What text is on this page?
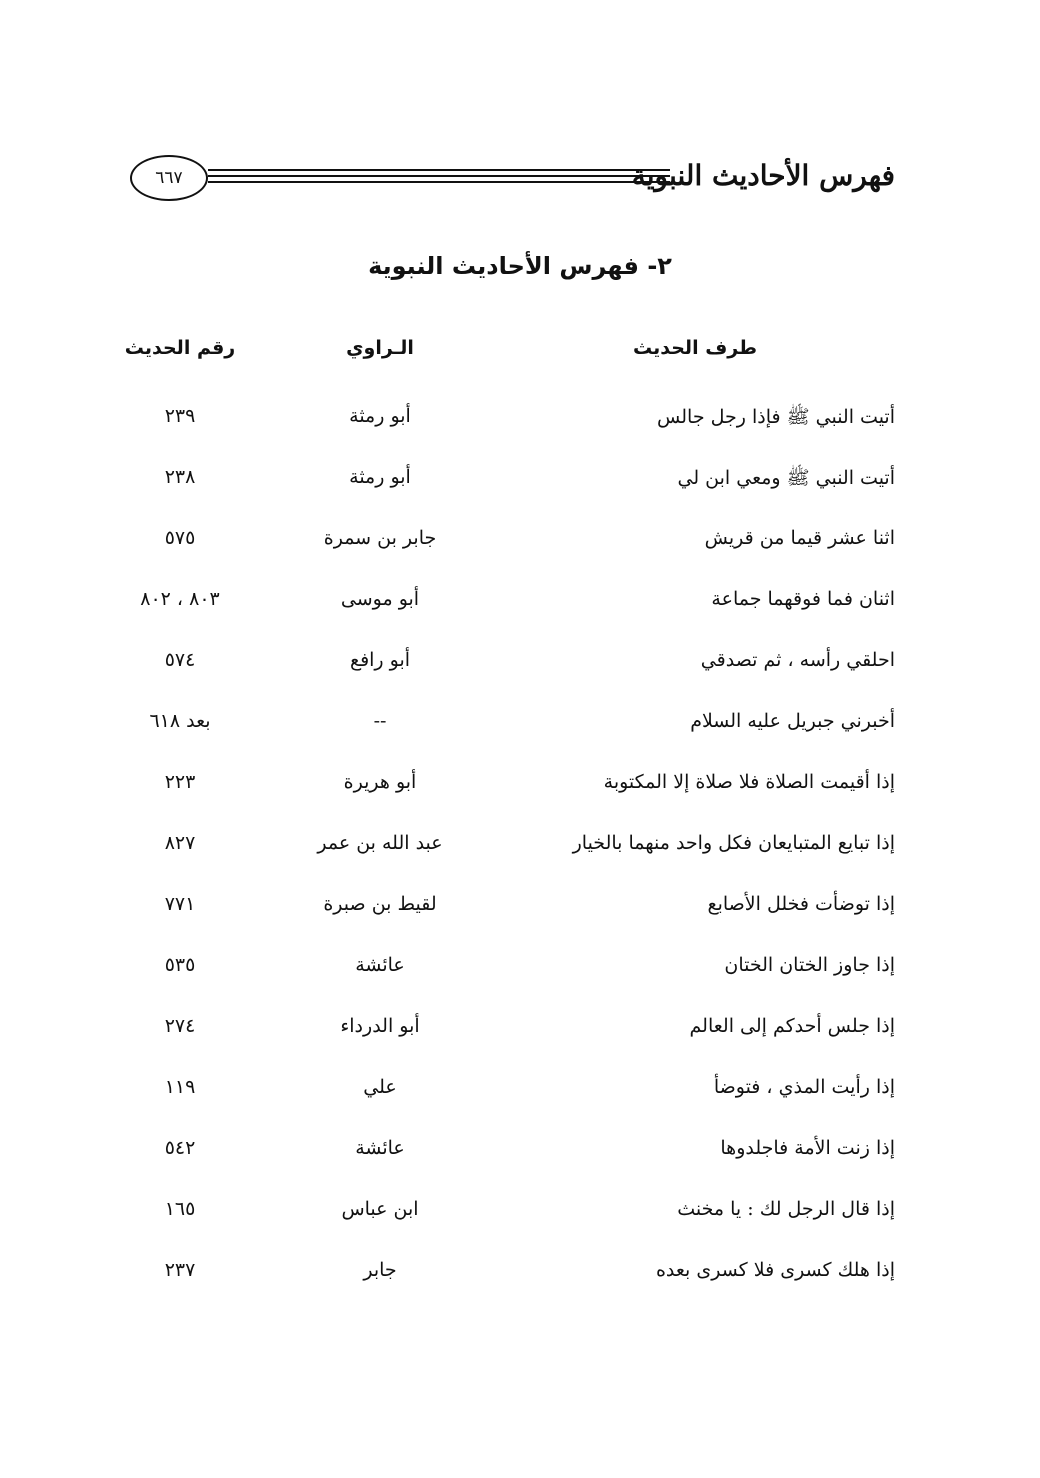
فهرس الأحاديث النبوية
٦٦٧
٢- فهرس الأحاديث النبوية
طرف الحديث
الـراوي
رقم الحديث
أتيت النبي ﷺ فإذا رجل جالس
أبو رمثة
٢٣٩
أتيت النبي ﷺ ومعي ابن لي
أبو رمثة
٢٣٨
اثنا عشر قيما من قريش
جابر بن سمرة
٥٧٥
اثنان فما فوقهما جماعة
أبو موسى
٨٠٣ ، ٨٠٢
احلقي رأسه ، ثم تصدقي
أبو رافع
٥٧٤
أخبرني جبريل عليه السلام
--
بعد ٦١٨
إذا أقيمت الصلاة فلا صلاة إلا المكتوبة
أبو هريرة
٢٢٣
إذا تبايع المتبايعان فكل واحد منهما بالخيار
عبد الله بن عمر
٨٢٧
إذا توضأت فخلل الأصابع
لقيط بن صبرة
٧٧١
إذا جاوز الختان الختان
عائشة
٥٣٥
إذا جلس أحدكم إلى العالم
أبو الدرداء
٢٧٤
إذا رأيت المذي ، فتوضأ
علي
١١٩
إذا زنت الأمة فاجلدوها
عائشة
٥٤٢
إذا قال الرجل لك : يا مخنث
ابن عباس
١٦٥
إذا هلك كسرى فلا كسرى بعده
جابر
٢٣٧
